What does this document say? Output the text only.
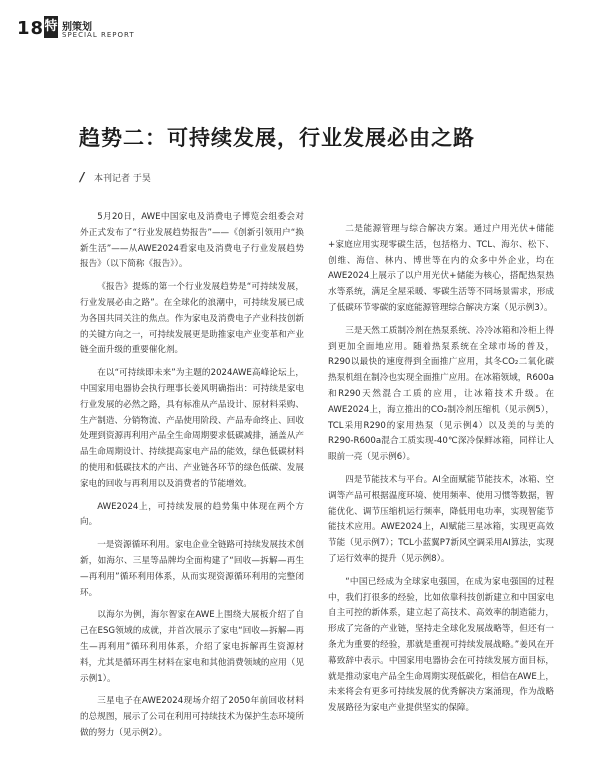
18 特 别策划
SPECIAL REPORT
趋势二：可持续发展，行业发展必由之路
/ 本刊记者 于昊

5月20日，AWE中国家电及消费电子博览会组委会对外正式发布了“行业发展趋势报告”——《创新引领用户“换新生活”——从AWE2024看家电及消费电子行业发展趋势报告》（以下简称《报告》）。

《报告》提炼的第一个行业发展趋势是“可持续发展，行业发展必由之路”。在全球化的浪潮中，可持续发展已成为各国共同关注的焦点。作为家电及消费电子产业科技创新的关键方向之一，可持续发展更是助推家电产业变革和产业链全面升级的重要催化剂。

在以“可持续即未来”为主题的2024AWE高峰论坛上，中国家用电器协会执行理事长姜风明确指出：可持续是家电行业发展的必然之路，具有标准从产品设计、原材料采购、生产制造、分销物流、产品使用阶段、产品寿命终止、回收处理到资源再利用产品全生命周期要求低碳减排，涵盖从产品生命周期设计、持续提高家电产品的能效，绿色低碳材料的使用和低碳技术的产出、产业链各环节的绿色低碳、发展家电的回收与再利用以及消费者的节能增效。

AWE2024上，可持续发展的趋势集中体现在两个方向。

一是资源循环利用。家电企业全链路可持续发展技术创新，如海尔、三星等品牌均全面构建了“回收—拆解—再生—再利用”循环利用体系，从而实现资源循环利用的完整闭环。

以海尔为例，海尔智家在AWE上围绕大展板介绍了自己在ESG领域的成就，并首次展示了家电“回收—拆解—再生—再利用”循环利用体系，介绍了家电拆解再生资源材料，尤其是循环再生材料在家电和其他消费领域的应用（见示例1）。

三星电子在AWE2024现场介绍了2050年前回收材料的总规图，展示了公司在利用可持续技术为保护生态环境所做的努力（见示例2）。

二是能源管理与综合解决方案。通过户用光伏+储能+家庭应用实现零碳生活，包括格力、TCL、海尔、松下、创维、海信、林内、博世等在内的众多中外企业，均在AWE2024上展示了以户用光伏+储能为核心，搭配热泵热水等系统，满足全屋采暖、零碳生活等不同场景需求，形成了低碳环节零碳的家庭能源管理综合解决方案（见示例3）。

三是天然工质制冷剂在热泵系统、冷冷冰箱和冷柜上得到更加全面地应用。随着热泵系统在全球市场的普及，R290以最快的速度得到全面推广应用，其冬CO₂二氧化碳热泵机组在制冷也实现全面推广应用。在冰箱领域，R600a和R290天然混合工质的应用，让冰箱技术升级。在AWE2024上，海立推出的CO₂制冷剂压缩机（见示例5），TCL采用R290的家用热泵（见示例4）以及美的与美的R290-R600a混合工质实现-40℃深冷保鲜冰箱，同样让人眼前一亮（见示例6）。

四是节能技术与平台。AI全面赋能节能技术，冰箱、空调等产品可根据温度环境、使用频率、使用习惯等数据，智能优化、调节压缩机运行频率，降低用电功率，实现智能节能技术应用。AWE2024上，AI赋能三星冰箱，实现更高效节能（见示例7）；TCL小蓝翼P7新风空调采用AI算法，实现了运行效率的提升（见示例8）。

“中国已经成为全球家电强国，在成为家电强国的过程中，我们打很多的经验，比如依靠科技创新建立和中国家电自主可控的新体系，建立起了高技术、高效率的制造能力，形成了完备的产业链，坚持走全球化发展战略等，但还有一条尤为重要的经验，那就是重视可持续发展战略。”姜风在开幕致辞中表示。中国家用电器协会在可持续发展方面目标，就是推动家电产品全生命周期实现低碳化，相信在AWE上，未来将会有更多可持续发展的优秀解决方案涌现，作为战略发展路径为家电产业提供坚实的保障。
